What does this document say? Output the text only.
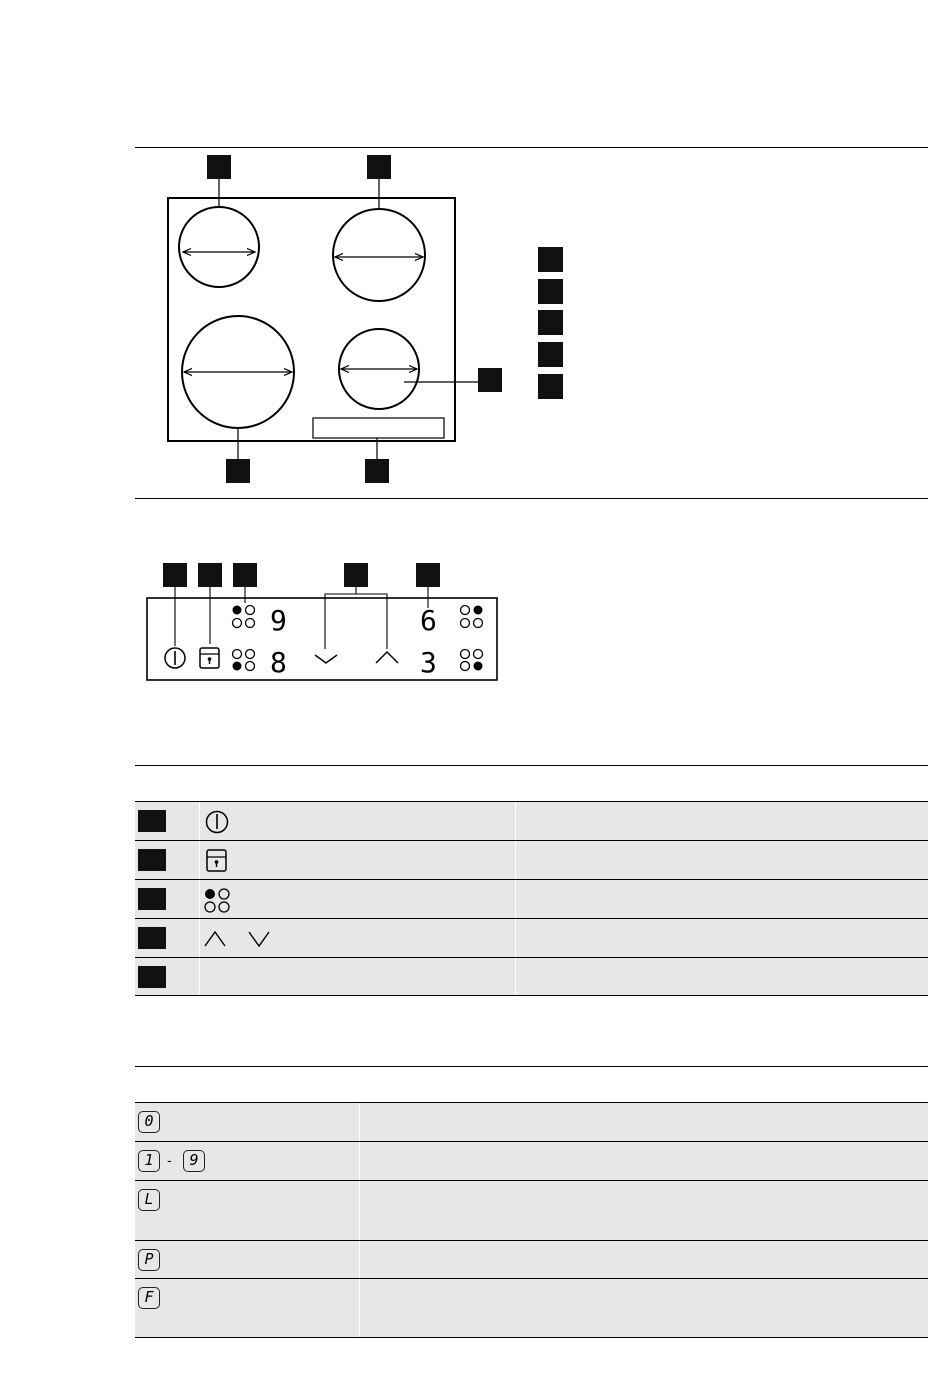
9
8
6
3
0
1 -	9
L
P
F
